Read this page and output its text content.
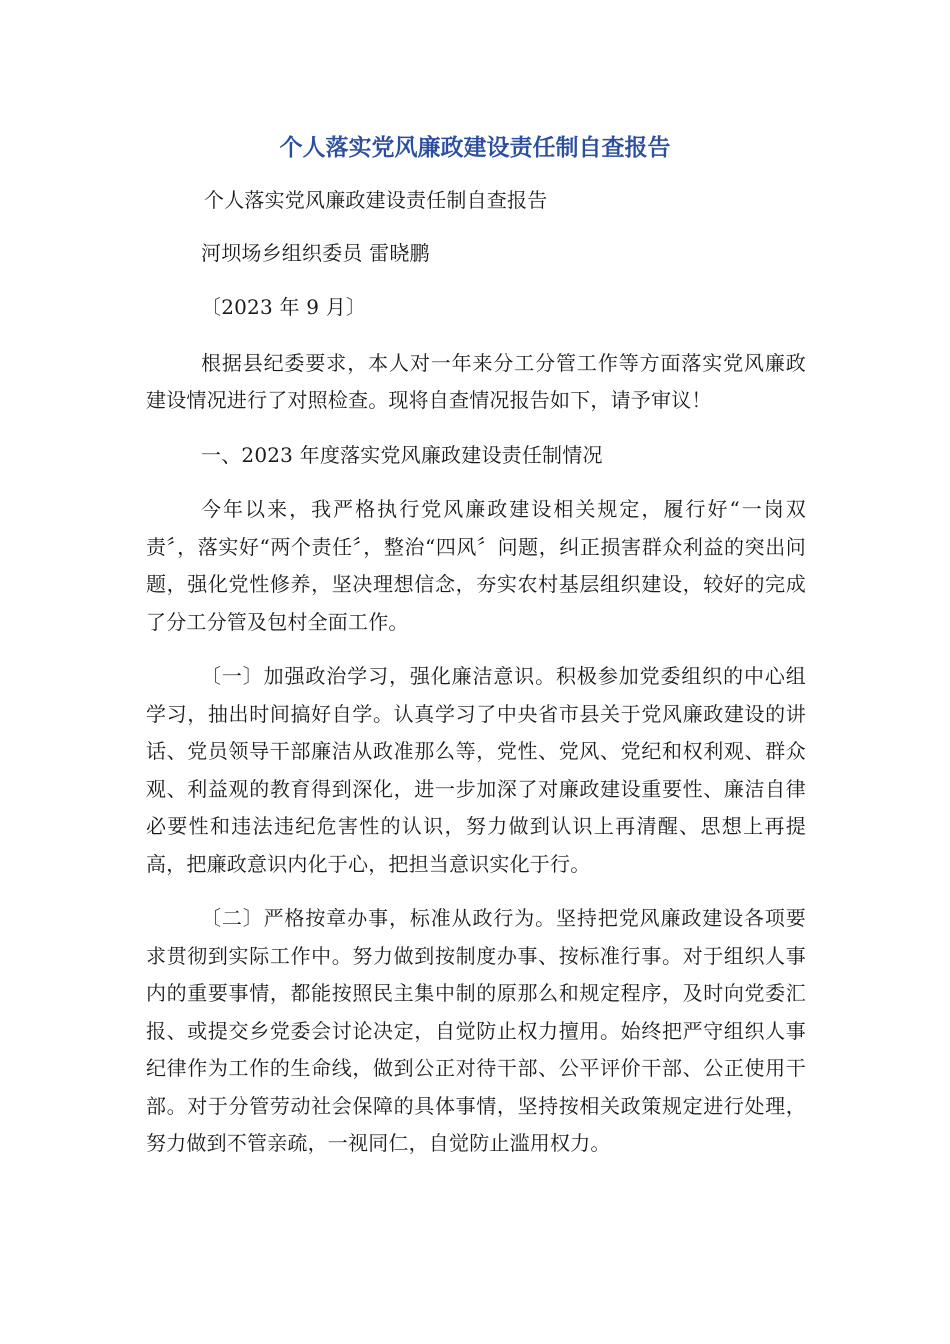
个人落实党风廉政建设责任制自查报告

个人落实党风廉政建设责任制自查报告

河坝场乡组织委员 雷晓鹏

〔2023 年 9 月〕

根据县纪委要求，本人对一年来分工分管工作等方面落实党风廉政建设情况进行了对照检查。现将自查情况报告如下，请予审议！

一、2023 年度落实党风廉政建设责任制情况

今年以来，我严格执行党风廉政建设相关规定，履行好“一岗双责〞，落实好“两个责任〞，整治“四风〞问题，纠正损害群众利益的突出问题，强化党性修养，坚决理想信念，夯实农村基层组织建设，较好的完成了分工分管及包村全面工作。

〔一〕加强政治学习，强化廉洁意识。积极参加党委组织的中心组学习，抽出时间搞好自学。认真学习了中央省市县关于党风廉政建设的讲话、党员领导干部廉洁从政准那么等，党性、党风、党纪和权利观、群众观、利益观的教育得到深化，进一步加深了对廉政建设重要性、廉洁自律必要性和违法违纪危害性的认识，努力做到认识上再清醒、思想上再提高，把廉政意识内化于心，把担当意识实化于行。

〔二〕严格按章办事，标准从政行为。坚持把党风廉政建设各项要求贯彻到实际工作中。努力做到按制度办事、按标准行事。对于组织人事内的重要事情，都能按照民主集中制的原那么和规定程序，及时向党委汇报、或提交乡党委会讨论决定，自觉防止权力擅用。始终把严守组织人事纪律作为工作的生命线，做到公正对待干部、公平评价干部、公正使用干部。对于分管劳动社会保障的具体事情，坚持按相关政策规定进行处理，努力做到不管亲疏，一视同仁，自觉防止滥用权力。
